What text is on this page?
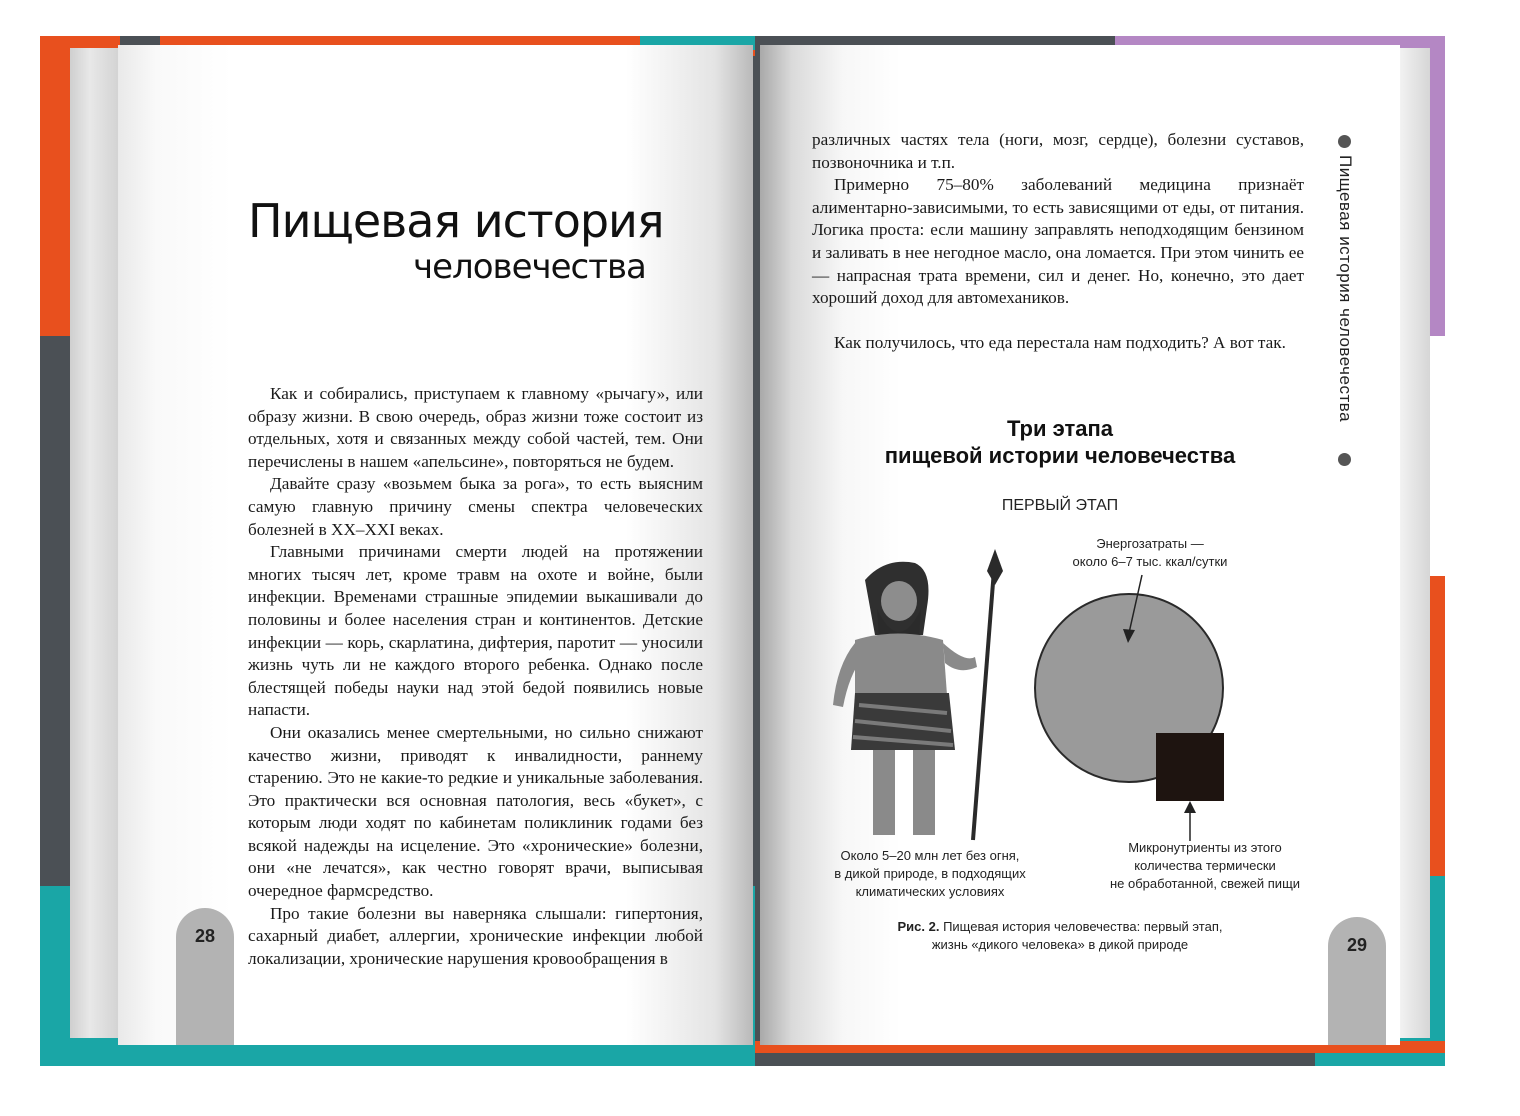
Пищевая история
человечества

Как и собирались, приступаем к главному «рычагу», или образу жизни. В свою очередь, образ жизни тоже состоит из отдельных, хотя и связанных между собой частей, тем. Они перечислены в нашем «апельсине», повторяться не будем.

Давайте сразу «возьмем быка за рога», то есть выясним самую главную причину смены спектра человеческих болезней в XX–XXI веках.

Главными причинами смерти людей на протяжении многих тысяч лет, кроме травм на охоте и войне, были инфекции. Временами страшные эпидемии выкашивали до половины и более населения стран и континентов. Детские инфекции — корь, скарлатина, дифтерия, паротит — уносили жизнь чуть ли не каждого второго ребенка. Однако после блестящей победы науки над этой бедой появились новые напасти.

Они оказались менее смертельными, но сильно снижают качество жизни, приводят к инвалидности, раннему старению. Это не какие-то редкие и уникальные заболевания. Это практически вся основная патология, весь «букет», с которым люди ходят по кабинетам поликлиник годами без всякой надежды на исцеление. Это «хронические» болезни, они «не лечатся», как честно говорят врачи, выписывая очередное фармсредство.

Про такие болезни вы наверняка слышали: гипертония, сахарный диабет, аллергии, хронические инфекции любой локализации, хронические нарушения кровообращения в

28

различных частях тела (ноги, мозг, сердце), болезни суставов, позвоночника и т.п.

Примерно 75–80% заболеваний медицина признаёт алиментарно-зависимыми, то есть зависящими от еды, от питания. Логика проста: если машину заправлять неподходящим бензином и заливать в нее негодное масло, она ломается. При этом чинить ее — напрасная трата времени, сил и денег. Но, конечно, это дает хороший доход для автомехаников.

Как получилось, что еда перестала нам подходить? А вот так.	Пищевая история человечества
Три этапа
пищевой истории человечества
ПЕРВЫЙ ЭТАП
Энергозатраты —
около 6–7 тыс. ккал/сутки
Около 5–20 млн лет без огня,
в дикой природе, в подходящих
климатических условиях
Микронутриенты из этого
количества термически
не обработанной, свежей пищи
Рис. 2. Пищевая история человечества: первый этап,
жизнь «дикого человека» в дикой природе	29
